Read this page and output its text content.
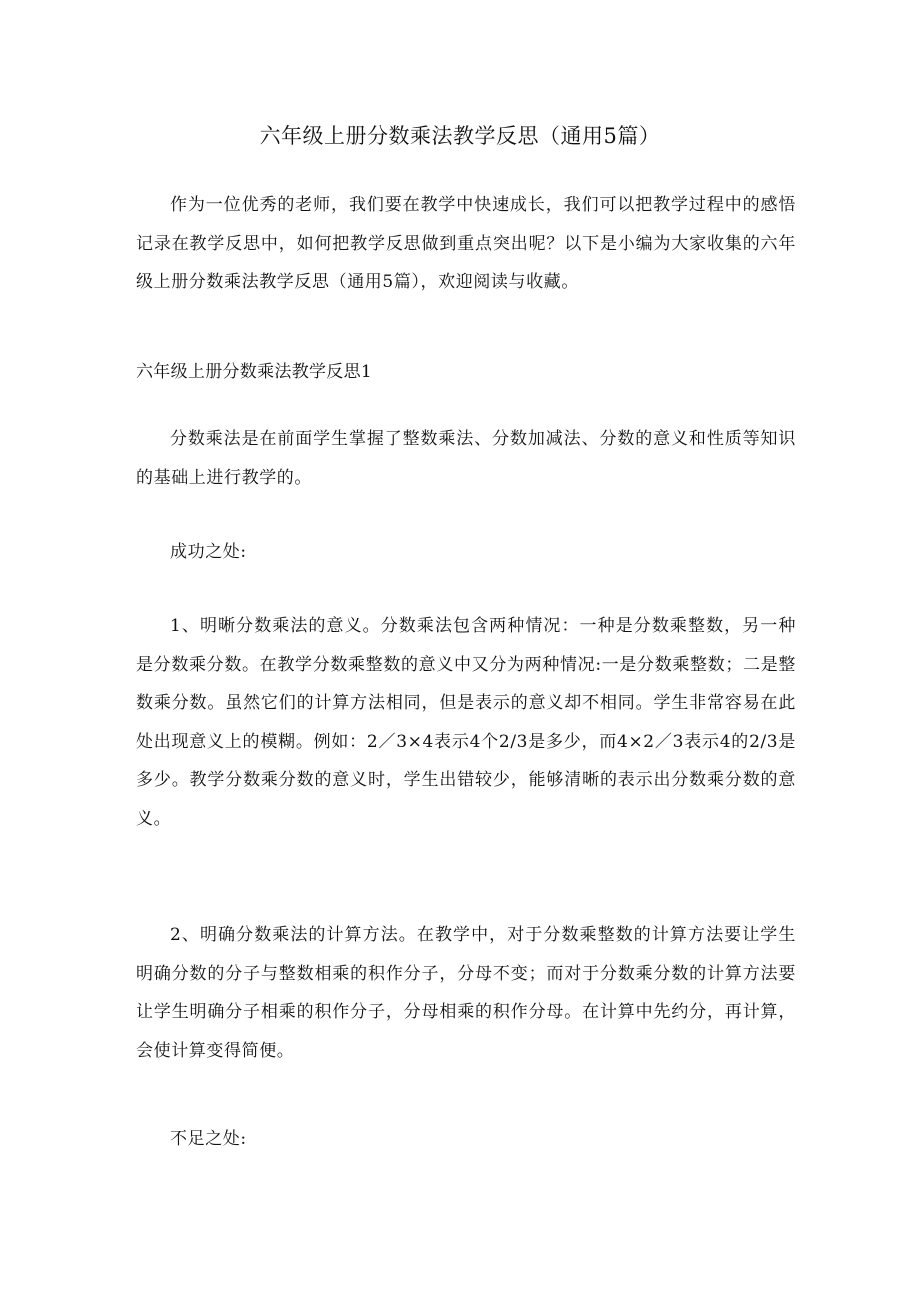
六年级上册分数乘法教学反思（通用5篇）
作为一位优秀的老师，我们要在教学中快速成长，我们可以把教学过程中的感悟记录在教学反思中，如何把教学反思做到重点突出呢？以下是小编为大家收集的六年级上册分数乘法教学反思（通用5篇），欢迎阅读与收藏。
六年级上册分数乘法教学反思1
分数乘法是在前面学生掌握了整数乘法、分数加减法、分数的意义和性质等知识的基础上进行教学的。
成功之处:
1、明晰分数乘法的意义。分数乘法包含两种情况：一种是分数乘整数，另一种是分数乘分数。在教学分数乘整数的意义中又分为两种情况:一是分数乘整数；二是整数乘分数。虽然它们的计算方法相同，但是表示的意义却不相同。学生非常容易在此处出现意义上的模糊。例如：2／3×4表示4个2/3是多少，而4×2／3表示4的2/3是多少。教学分数乘分数的意义时，学生出错较少，能够清晰的表示出分数乘分数的意义。
2、明确分数乘法的计算方法。在教学中，对于分数乘整数的计算方法要让学生明确分数的分子与整数相乘的积作分子，分母不变；而对于分数乘分数的计算方法要让学生明确分子相乘的积作分子，分母相乘的积作分母。在计算中先约分，再计算，会使计算变得简便。
不足之处:
